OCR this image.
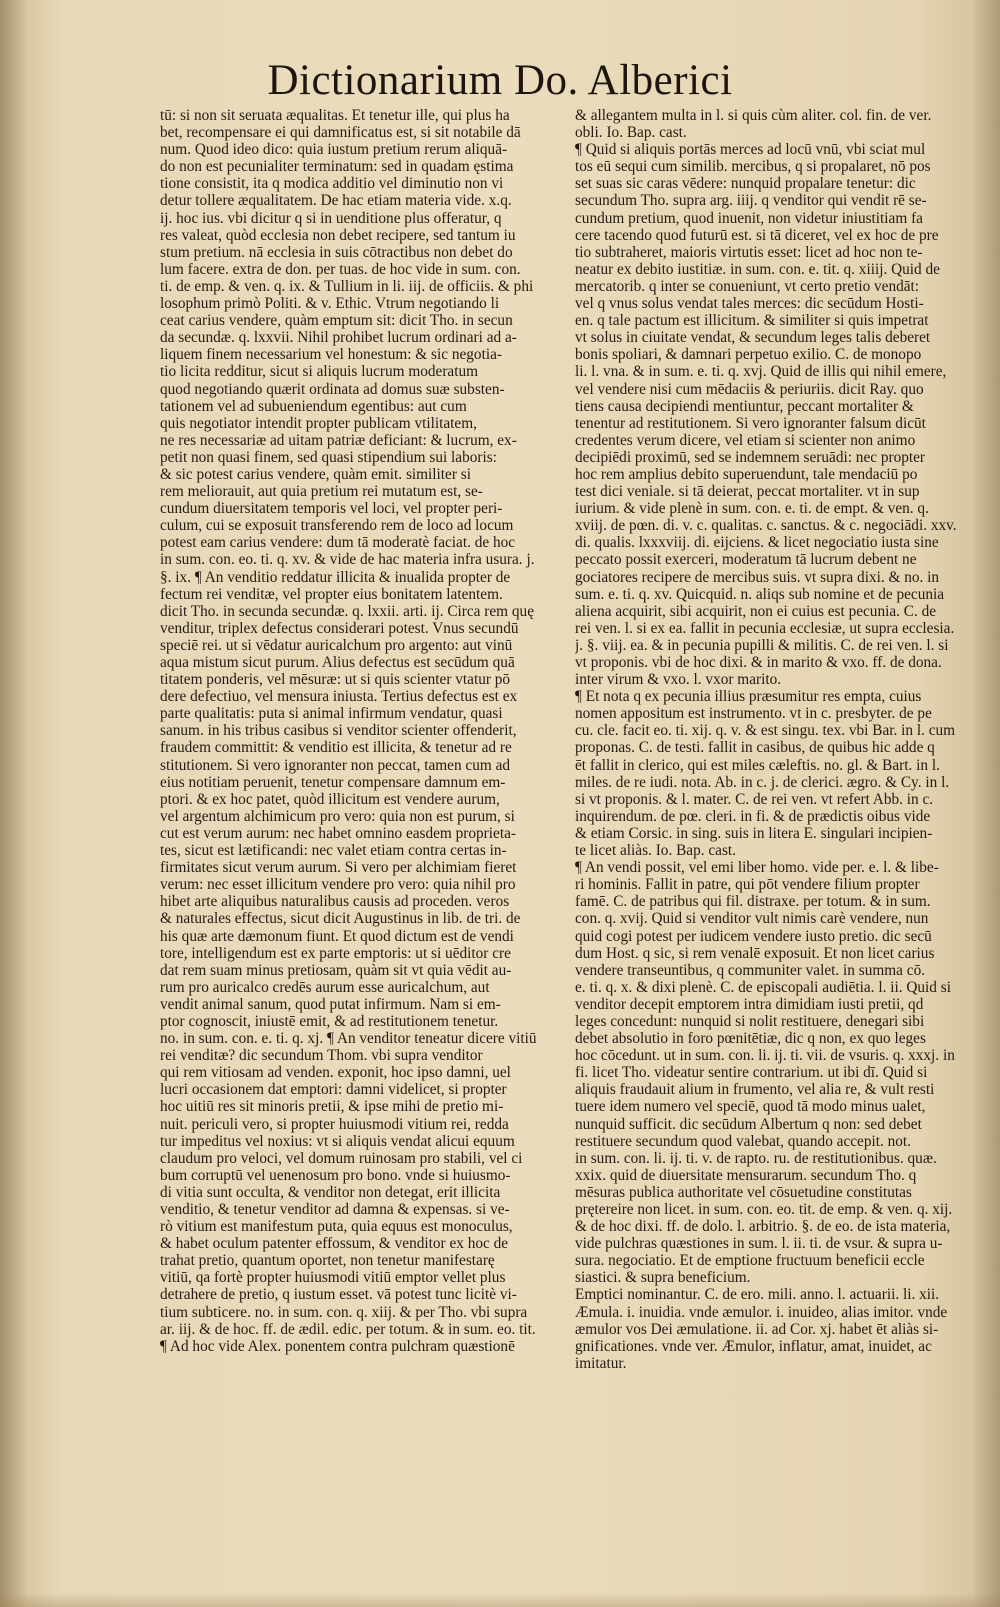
Dictionarium Do. Alberici
tū: si non sit seruata æqualitas. Et tenetur ille, qui plus ha
bet, recompensare ei qui damnificatus est, si sit notabile dā
num. Quod ideo dico: quia iustum pretium rerum aliquā-
do non est pecunialiter terminatum: sed in quadam ęstima
tione consistit, ita q modica additio vel diminutio non vi
detur tollere æqualitatem. De hac etiam materia vide. x.q.
ij. hoc ius. vbi dicitur q si in uenditione plus offeratur, q
res valeat, quòd ecclesia non debet recipere, sed tantum iu
stum pretium. nā ecclesia in suis cōtractibus non debet do
lum facere. extra de don. per tuas. de hoc vide in sum. con.
ti. de emp. & ven. q. ix. & Tullium in li. iij. de officiis. & phi
losophum primò Politi. & v. Ethic. Vtrum negotiando li
ceat carius vendere, quàm emptum sit: dicit Tho. in secun
da secundæ. q. lxxvii. Nihil prohibet lucrum ordinari ad a-
liquem finem necessarium vel honestum: & sic negotia-
tio licita redditur, sicut si aliquis lucrum moderatum
quod negotiando quærit ordinata ad domus suæ substen-
tationem vel ad subueniendum egentibus: aut cum
quis negotiator intendit propter publicam vtilitatem,
ne res necessariæ ad uitam patriæ deficiant: & lucrum, ex-
petit non quasi finem, sed quasi stipendium sui laboris:
& sic potest carius vendere, quàm emit. similiter si
rem meliorauit, aut quia pretium rei mutatum est, se-
cundum diuersitatem temporis vel loci, vel propter peri-
culum, cui se exposuit transferendo rem de loco ad locum
potest eam carius vendere: dum tā moderatè faciat. de hoc
in sum. con. eo. ti. q. xv. & vide de hac materia infra usura. j.
§. ix. ¶ An venditio reddatur illicita & inualida propter de
fectum rei venditæ, vel propter eius bonitatem latentem.
dicit Tho. in secunda secundæ. q. lxxii. arti. ij. Circa rem quę
venditur, triplex defectus considerari potest. Vnus secundū
speciē rei. ut si vēdatur auricalchum pro argento: aut vinū
aqua mistum sicut purum. Alius defectus est secūdum quā
titatem ponderis, vel mēsuræ: ut si quis scienter vtatur pō
dere defectiuo, vel mensura iniusta. Tertius defectus est ex
parte qualitatis: puta si animal infirmum vendatur, quasi
sanum. in his tribus casibus si venditor scienter offenderit,
fraudem committit: & venditio est illicita, & tenetur ad re
stitutionem. Si vero ignoranter non peccat, tamen cum ad
eius notitiam peruenit, tenetur compensare damnum em-
ptori. & ex hoc patet, quòd illicitum est vendere aurum,
vel argentum alchimicum pro vero: quia non est purum, si
cut est verum aurum: nec habet omnino easdem proprieta-
tes, sicut est lætificandi: nec valet etiam contra certas in-
firmitates sicut verum aurum. Si vero per alchimiam fieret
verum: nec esset illicitum vendere pro vero: quia nihil pro
hibet arte aliquibus naturalibus causis ad proceden. veros
& naturales effectus, sicut dicit Augustinus in lib. de tri. de
his quæ arte dæmonum fiunt. Et quod dictum est de vendi
tore, intelligendum est ex parte emptoris: ut si uēditor cre
dat rem suam minus pretiosam, quàm sit vt quia vēdit au-
rum pro auricalco credēs aurum esse auricalchum, aut
vendit animal sanum, quod putat infirmum. Nam si em-
ptor cognoscit, iniustē emit, & ad restitutionem tenetur.
no. in sum. con. e. ti. q. xj. ¶ An venditor teneatur dicere vitiū
rei venditæ? dic secundum Thom. vbi supra venditor
qui rem vitiosam ad venden. exponit, hoc ipso damni, uel
lucri occasionem dat emptori: damni videlicet, si propter
hoc uitiū res sit minoris pretii, & ipse mihi de pretio mi-
nuit. periculi vero, si propter huiusmodi vitium rei, redda
tur impeditus vel noxius: vt si aliquis vendat alicui equum
claudum pro veloci, vel domum ruinosam pro stabili, vel ci
bum corruptū vel uenenosum pro bono. vnde si huiusmo-
di vitia sunt occulta, & venditor non detegat, erit illicita
venditio, & tenetur venditor ad damna & expensas. si ve-
rò vitium est manifestum puta, quia equus est monoculus,
& habet oculum patenter effossum, & venditor ex hoc de
trahat pretio, quantum oportet, non tenetur manifestarę
vitiū, qa fortè propter huiusmodi vitiū emptor vellet plus
detrahere de pretio, q iustum esset. vā potest tunc licitè vi-
tium subticere. no. in sum. con. q. xiij. & per Tho. vbi supra
ar. iij. & de hoc. ff. de ædil. edic. per totum. & in sum. eo. tit.
¶ Ad hoc vide Alex. ponentem contra pulchram quæstionē
& allegantem multa in l. si quis cùm aliter. col. fin. de ver.
obli. Io. Bap. cast.
¶ Quid si aliquis portās merces ad locū vnū, vbi sciat mul
tos eū sequi cum similib. mercibus, q si propalaret, nō pos
set suas sic caras vēdere: nunquid propalare tenetur: dic
secundum Tho. supra arg. iiij. q venditor qui vendit rē se-
cundum pretium, quod inuenit, non videtur iniustitiam fa
cere tacendo quod futurū est. si tā diceret, vel ex hoc de pre
tio subtraheret, maioris virtutis esset: licet ad hoc non te-
neatur ex debito iustitiæ. in sum. con. e. tit. q. xiiij. Quid de
mercatorib. q inter se conueniunt, vt certo pretio vendāt:
vel q vnus solus vendat tales merces: dic secūdum Hosti-
en. q tale pactum est illicitum. & similiter si quis impetrat
vt solus in ciuitate vendat, & secundum leges talis deberet
bonis spoliari, & damnari perpetuo exilio. C. de monopo
li. l. vna. & in sum. e. ti. q. xvj. Quid de illis qui nihil emere,
vel vendere nisi cum mēdaciis & periuriis. dicit Ray. quo
tiens causa decipiendi mentiuntur, peccant mortaliter &
tenentur ad restitutionem. Si vero ignoranter falsum dicūt
credentes verum dicere, vel etiam si scienter non animo
decipiēdi proximū, sed se indemnem seruādi: nec propter
hoc rem amplius debito superuendunt, tale mendaciū po
test dici veniale. si tā deierat, peccat mortaliter. vt in sup
iurium. & vide plenè in sum. con. e. ti. de empt. & ven. q.
xviij. de pœn. di. v. c. qualitas. c. sanctus. & c. negociādi. xxv.
di. qualis. lxxxviij. di. eijciens. & licet negociatio iusta sine
peccato possit exerceri, moderatum tā lucrum debent ne
gociatores recipere de mercibus suis. vt supra dixi. & no. in
sum. e. ti. q. xv. Quicquid. n. aliqs sub nomine et de pecunia
aliena acquirit, sibi acquirit, non ei cuius est pecunia. C. de
rei ven. l. si ex ea. fallit in pecunia ecclesiæ, ut supra ecclesia.
j. §. viij. ea. & in pecunia pupilli & militis. C. de rei ven. l. si
vt proponis. vbi de hoc dixi. & in marito & vxo. ff. de dona.
inter virum & vxo. l. vxor marito.
¶ Et nota q ex pecunia illius præsumitur res empta, cuius
nomen appositum est instrumento. vt in c. presbyter. de pe
cu. cle. facit eo. ti. xij. q. v. & est singu. tex. vbi Bar. in l. cum
proponas. C. de testi. fallit in casibus, de quibus hic adde q
ēt fallit in clerico, qui est miles cæleftis. no. gl. & Bart. in l.
miles. de re iudi. nota. Ab. in c. j. de clerici. ægro. & Cy. in l.
si vt proponis. & l. mater. C. de rei ven. vt refert Abb. in c.
inquirendum. de pœ. cleri. in fi. & de prædictis oibus vide
& etiam Corsic. in sing. suis in litera E. singulari incipien-
te licet aliàs. Io. Bap. cast.
¶ An vendi possit, vel emi liber homo. vide per. e. l. & libe-
ri hominis. Fallit in patre, qui pōt vendere filium propter
famē. C. de patribus qui fil. distraxe. per totum. & in sum.
con. q. xvij. Quid si venditor vult nimis carè vendere, nun
quid cogi potest per iudicem vendere iusto pretio. dic secū
dum Host. q sic, si rem venalē exposuit. Et non licet carius
vendere transeuntibus, q communiter valet. in summa cō.
e. ti. q. x. & dixi plenè. C. de episcopali audiētia. l. ii. Quid si
venditor decepit emptorem intra dimidiam iusti pretii, qd
leges concedunt: nunquid si nolit restituere, denegari sibi
debet absolutio in foro pœnitētiæ, dic q non, ex quo leges
hoc cōcedunt. ut in sum. con. li. ij. ti. vii. de vsuris. q. xxxj. in
fi. licet Tho. videatur sentire contrarium. ut ibi dī. Quid si
aliquis fraudauit alium in frumento, vel alia re, & vult resti
tuere idem numero vel speciē, quod tā modo minus ualet,
nunquid sufficit. dic secūdum Albertum q non: sed debet
restituere secundum quod valebat, quando accepit. not.
in sum. con. li. ij. ti. v. de rapto. ru. de restitutionibus. quæ.
xxix. quid de diuersitate mensurarum. secundum Tho. q
mēsuras publica authoritate vel cōsuetudine constitutas
prętereire non licet. in sum. con. eo. tit. de emp. & ven. q. xij.
& de hoc dixi. ff. de dolo. l. arbitrio. §. de eo. de ista materia,
vide pulchras quæstiones in sum. l. ii. ti. de vsur. & supra u-
sura. negociatio. Et de emptione fructuum beneficii eccle
siastici. & supra beneficium.
Emptici nominantur. C. de ero. mili. anno. l. actuarii. li. xii.
Æmula. i. inuidia. vnde æmulor. i. inuideo, alias imitor. vnde
æmulor vos Dei æmulatione. ii. ad Cor. xj. habet ēt aliàs si-
gnificationes. vnde ver. Æmulor, inflatur, amat, inuidet, ac
imitatur.
